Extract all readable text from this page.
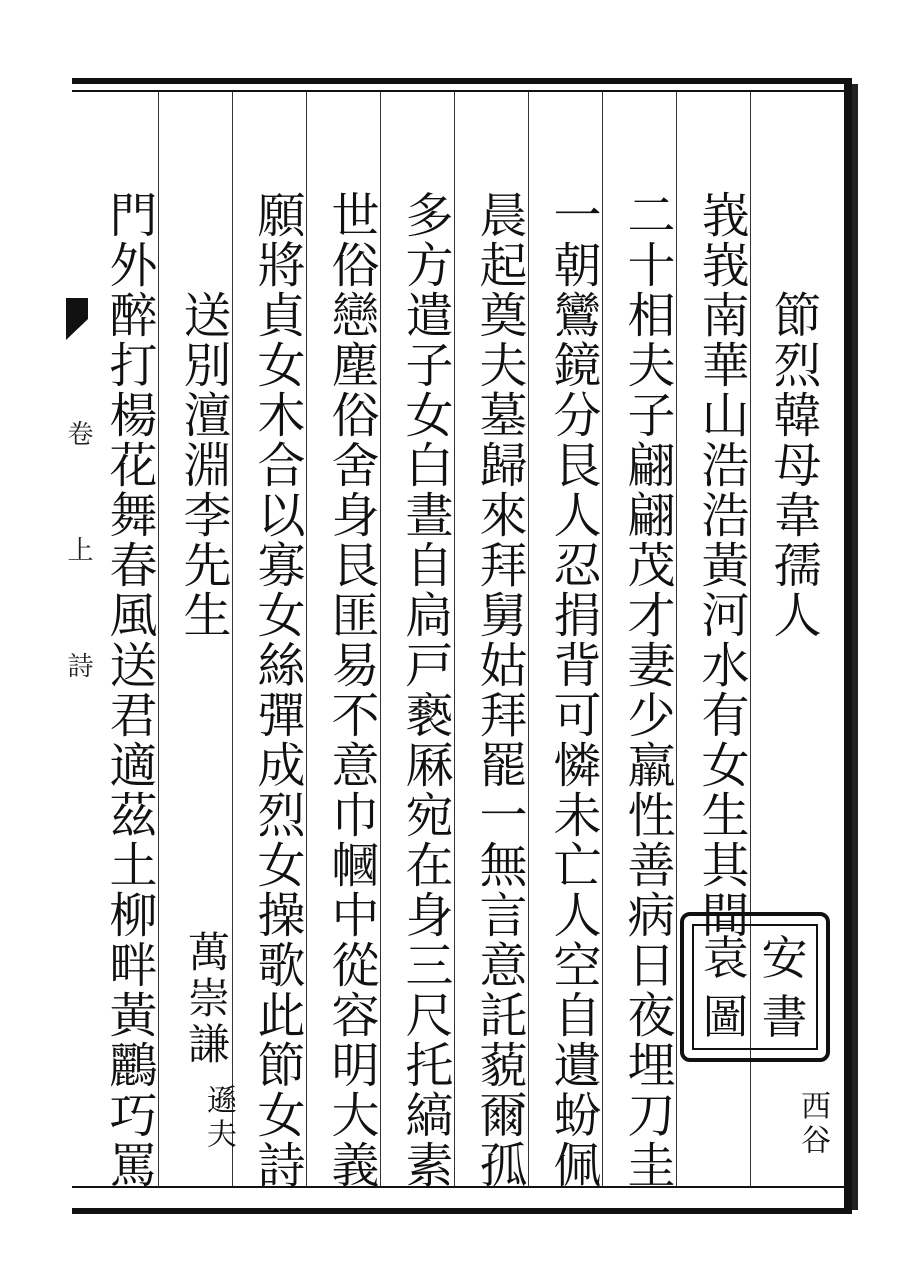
卷上詩	節烈韓母韋孺人
西谷
峩峩南華山浩浩黃河水有女生其間
二十相夫子翩翩茂才妻少羸性善病日夜埋刀圭
一朝鸞鏡分艮人忍捐背可憐未亡人空自遺蚡佩
晨起奠夫墓歸來拜舅姑拜罷一無言意託藐爾孤
多方遣子女白晝自扃戸褻厤宛在身三尺托縞素
世俗戀塵俗舍身艮匪易不意巾幗中從容明大義
願將貞女木合以寡女絲彈成烈女操歌此節女詩
送別澶淵李先生
萬崇謙
遜夫
門外醉打楊花舞春風送君適茲土柳畔黃鸝巧罵	袁 安
圖 書
